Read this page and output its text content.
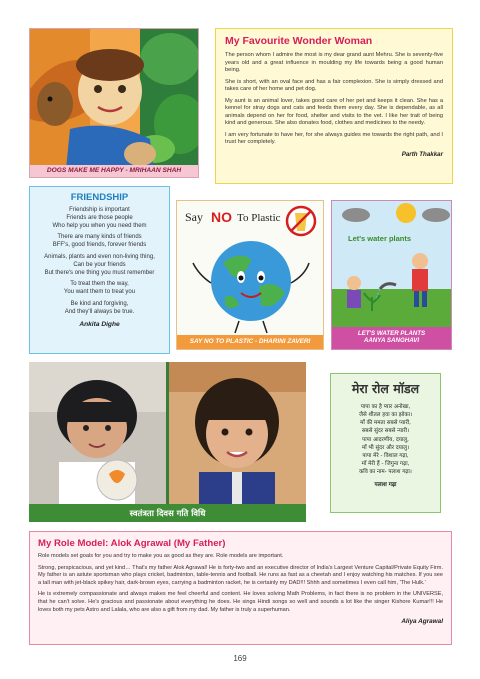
DOGS MAKE ME HAPPY - MRIHAAN SHAH
My Favourite Wonder Woman

The person whom I admire the most is my dear grand aunt Mehru. She is seventy-five years old and a great influence in moulding my life towards being a good human being.

She is short, with an oval face and has a fair complexion. She is simply dressed and takes care of her home and pet dog.

My aunt is an animal lover, takes good care of her pet and keeps it clean. She has a kennel for stray dogs and cats and feeds them every day. She is dependable, as all animals depend on her for food, shelter and visits to the vet. I like her trait of being kind and generous. She also donates food, clothes and medicines to the needy.

I am very fortunate to have her, for she always guides me towards the right path, and I trust her completely.

Parth Thakkar
FRIENDSHIP
Friendship is important
Friends are those people
Who help you when you need them
There are many kinds of friends
BFF's, good friends, forever friends
Animals, plants and even non-living thing,
Can be your friends
But there's one thing you must remember
To treat them the way,
You want them to treat you
Be kind and forgiving,
And they'll always be true.
Ankita Dighe
Say NO To Plastic
SAY NO TO PLASTIC - DHARINI ZAVERI
Let's water plants
LET'S WATER PLANTS
AANYA SANGHAVI
स्वतंत्रता दिवस गति विधि
मेरा रोल मॉडल
पापा का है प्यार अनोखा,
जैसे शीतल हवा का झोका।
माँ की ममता सबसे प्यारी,
सबसे सुंदर सबसे न्यारी।
पापा आदरणीय, दयालु,
माँ भी सुंदर और दयालु।
पापा मेरे - विशाल गढ़ा,
माँ मेरी हैं - जिगुना गढ़ा,
कवि का नाम- पलाश गढ़ा।
पलाश गढ़ा
My Role Model: Alok Agrawal (My Father)

Role models set goals for you and try to make you as good as they are. Role models are important.

Strong, perspicacious, and yet kind… That's my father Alok Agrawal! He is forty-two and an executive director of India's Largest Venture Capital/Private Equity Firm. My father is an astute sportsman who plays cricket, badminton, table-tennis and football. He runs as fast as a cheetah and I enjoy watching his matches. If you see a tall man with jet-black spikey hair, dark-brown eyes, carrying a badminton racket, he is certainly my DAD!!! Shhh and sometimes I even call him, 'The Hulk.'

He is extremely compassionate and always makes me feel cheerful and content. He loves solving Math Problems, in fact there is no problem in the UNIVERSE, that he can't solve. He's gracious and passionate about everything he does. He sings Hindi songs so well and sounds a lot like the singer Kishore Kumar!!! He loves both my pets Astro and Lalala, who are also a gift from my dad. My father is truly a superhuman.

Aliya Agrawal
169
